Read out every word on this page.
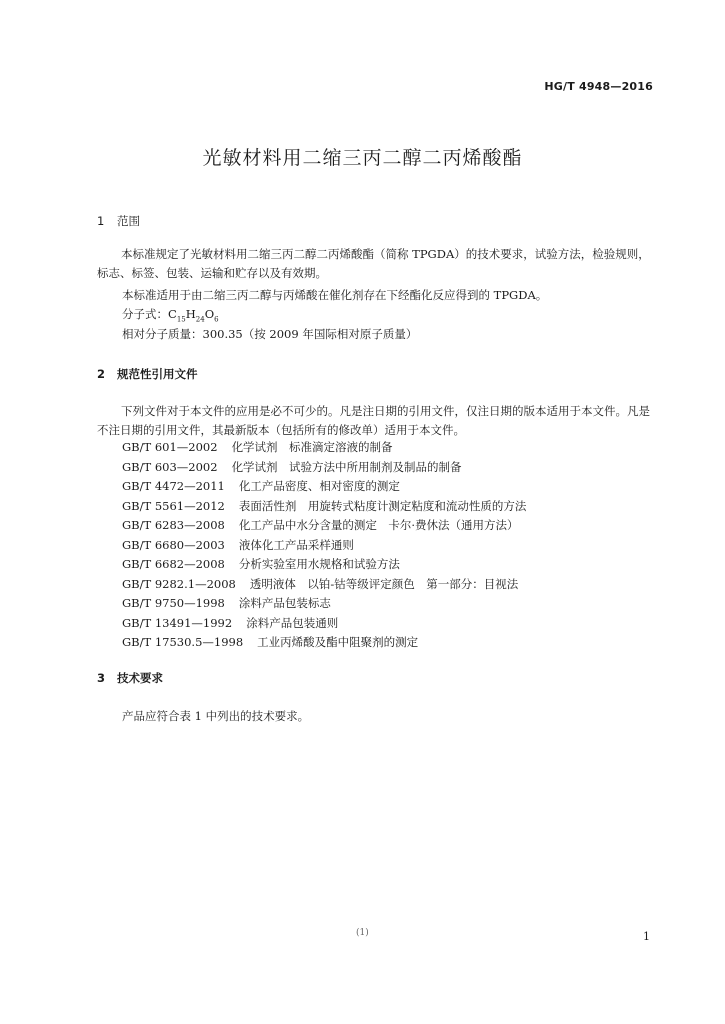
HG/T 4948—2016
光敏材料用二缩三丙二醇二丙烯酸酯
1 范围
本标准规定了光敏材料用二缩三丙二醇二丙烯酸酯（简称 TPGDA）的技术要求，试验方法，检验规则，标志、标签、包装、运输和贮存以及有效期。
本标准适用于由二缩三丙二醇与丙烯酸在催化剂存在下经酯化反应得到的 TPGDA。
分子式：$C_{15}H_{24}O_6$
相对分子质量：300.35（按 2009 年国际相对原子质量）
2 规范性引用文件
下列文件对于本文件的应用是必不可少的。凡是注日期的引用文件，仅注日期的版本适用于本文件。凡是不注日期的引用文件，其最新版本（包括所有的修改单）适用于本文件。
GB/T 601—2002 化学试剂　标准滴定溶液的制备
GB/T 603—2002 化学试剂　试验方法中所用制剂及制品的制备
GB/T 4472—2011 化工产品密度、相对密度的测定
GB/T 5561—2012 表面活性剂　用旋转式粘度计测定粘度和流动性质的方法
GB/T 6283—2008 化工产品中水分含量的测定　卡尔·费休法（通用方法）
GB/T 6680—2003 液体化工产品采样通则
GB/T 6682—2008 分析实验室用水规格和试验方法
GB/T 9282.1—2008 透明液体　以铂-钴等级评定颜色　第一部分：目视法
GB/T 9750—1998 涂料产品包装标志
GB/T 13491—1992 涂料产品包装通则
GB/T 17530.5—1998 工业丙烯酸及酯中阻聚剂的测定
3 技术要求
产品应符合表 1 中列出的技术要求。
(1)	1
